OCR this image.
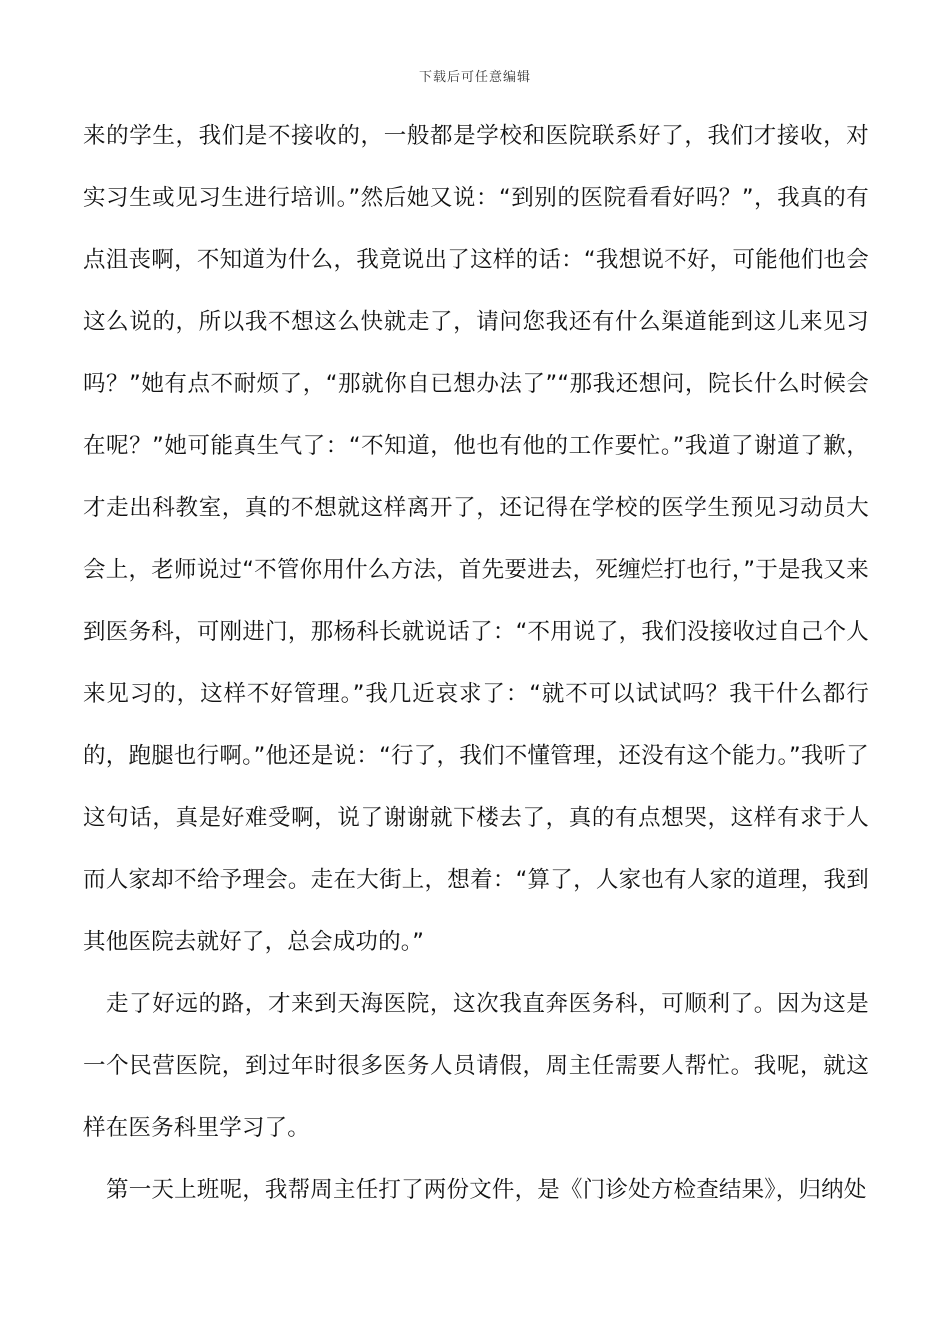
下载后可任意编辑

来的学生，我们是不接收的，一般都是学校和医院联系好了，我们才接收，对实习生或见习生进行培训。”然后她又说：“到别的医院看看好吗？”，我真的有点沮丧啊，不知道为什么，我竟说出了这样的话：“我想说不好，可能他们也会这么说的，所以我不想这么快就走了，请问您我还有什么渠道能到这儿来见习吗？”她有点不耐烦了，“那就你自已想办法了”“那我还想问，院长什么时候会在呢？”她可能真生气了：“不知道，他也有他的工作要忙。”我道了谢道了歉，才走出科教室，真的不想就这样离开了，还记得在学校的医学生预见习动员大会上，老师说过“不管你用什么方法，首先要进去，死缠烂打也行，”于是我又来到医务科，可刚进门，那杨科长就说话了：“不用说了，我们没接收过自己个人来见习的，这样不好管理。”我几近哀求了：“就不可以试试吗？我干什么都行的，跑腿也行啊。”他还是说：“行了，我们不懂管理，还没有这个能力。”我听了这句话，真是好难受啊，说了谢谢就下楼去了，真的有点想哭，这样有求于人而人家却不给予理会。走在大街上，想着：“算了，人家也有人家的道理，我到其他医院去就好了，总会成功的。”

走了好远的路，才来到天海医院，这次我直奔医务科，可顺利了。因为这是一个民营医院，到过年时很多医务人员请假，周主任需要人帮忙。我呢，就这样在医务科里学习了。

第一天上班呢，我帮周主任打了两份文件，是《门诊处方检查结果》，归纳处
